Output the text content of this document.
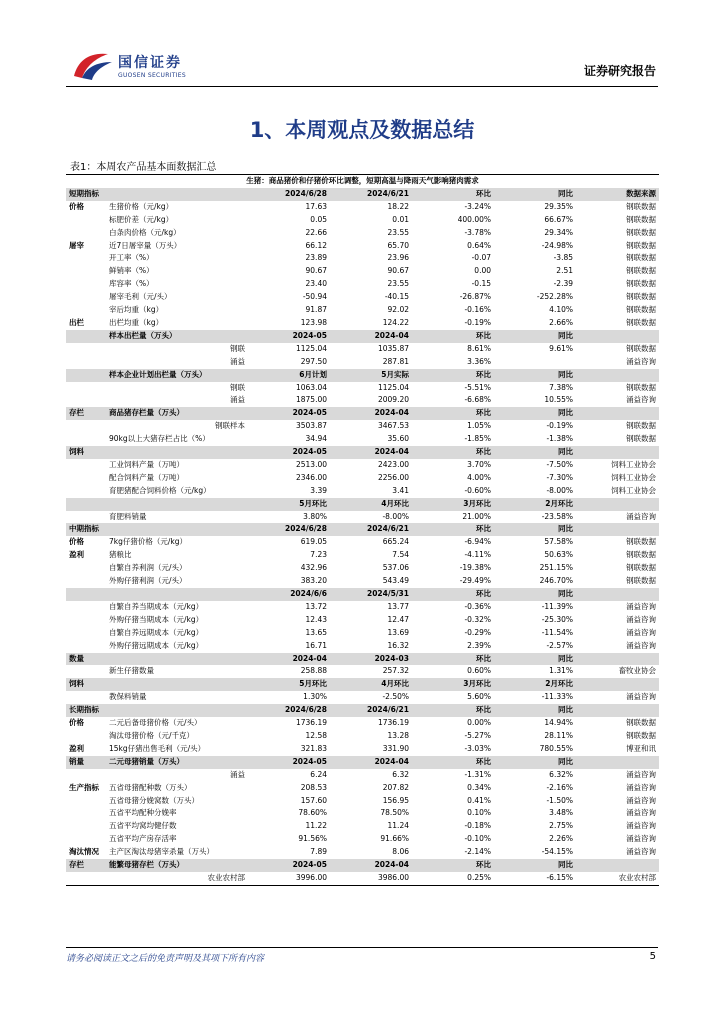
国信证券
GUOSEN SECURITIES	证券研究报告
1、本周观点及数据总结
表1：本周农产品基本面数据汇总
生猪：商品猪价和仔猪价环比调整，短期高温与降雨天气影响猪肉需求						
短期指标		2024/6/28	2024/6/21	环比	同比	数据来源
价格	生猪价格（元/kg）	17.63	18.22	-3.24%	29.35%	钢联数据
	标肥价差（元/kg）	0.05	0.01	400.00%	66.67%	钢联数据
	白条肉价格（元/kg）	22.66	23.55	-3.78%	29.34%	钢联数据
屠宰	近7日屠宰量（万头）	66.12	65.70	0.64%	-24.98%	钢联数据
	开工率（%）	23.89	23.96	-0.07	-3.85	钢联数据
	鲜销率（%）	90.67	90.67	0.00	2.51	钢联数据
	库容率（%）	23.40	23.55	-0.15	-2.39	钢联数据
	屠宰毛利（元/头）	-50.94	-40.15	-26.87%	-252.28%	钢联数据
	宰后均重（kg）	91.87	92.02	-0.16%	4.10%	钢联数据
出栏	出栏均重（kg）	123.98	124.22	-0.19%	2.66%	钢联数据
	样本出栏量（万头）	2024-05	2024-04	环比	同比	
	钢联	1125.04	1035.87	8.61%	9.61%	钢联数据
	涌益	297.50	287.81	3.36%		涌益咨询
	样本企业计划出栏量（万头）	6月计划	5月实际	环比	同比	
	钢联	1063.04	1125.04	-5.51%	7.38%	钢联数据
	涌益	1875.00	2009.20	-6.68%	10.55%	涌益咨询
存栏	商品猪存栏量（万头）	2024-05	2024-04	环比	同比	
	钢联样本	3503.87	3467.53	1.05%	-0.19%	钢联数据
	90kg以上大猪存栏占比（%）	34.94	35.60	-1.85%	-1.38%	钢联数据
饲料		2024-05	2024-04	环比	同比	
	工业饲料产量（万吨）	2513.00	2423.00	3.70%	-7.50%	饲料工业协会
	配合饲料产量（万吨）	2346.00	2256.00	4.00%	-7.30%	饲料工业协会
	育肥猪配合饲料价格（元/kg）	3.39	3.41	-0.60%	-8.00%	饲料工业协会
		5月环比	4月环比	3月环比	2月环比	
	育肥料销量	3.80%	-8.00%	21.00%	-23.58%	涌益咨询
中期指标		2024/6/28	2024/6/21	环比	同比	
价格	7kg仔猪价格（元/kg）	619.05	665.24	-6.94%	57.58%	钢联数据
盈利	猪粮比	7.23	7.54	-4.11%	50.63%	钢联数据
	自繁自养利润（元/头）	432.96	537.06	-19.38%	251.15%	钢联数据
	外购仔猪利润（元/头）	383.20	543.49	-29.49%	246.70%	钢联数据
		2024/6/6	2024/5/31	环比	同比	
	自繁自养当期成本（元/kg）	13.72	13.77	-0.36%	-11.39%	涌益咨询
	外购仔猪当期成本（元/kg）	12.43	12.47	-0.32%	-25.30%	涌益咨询
	自繁自养远期成本（元/kg）	13.65	13.69	-0.29%	-11.54%	涌益咨询
	外购仔猪远期成本（元/kg）	16.71	16.32	2.39%	-2.57%	涌益咨询
数量		2024-04	2024-03	环比	同比	
	新生仔猪数量	258.88	257.32	0.60%	1.31%	畜牧业协会
饲料		5月环比	4月环比	3月环比	2月环比	
	教保料销量	1.30%	-2.50%	5.60%	-11.33%	涌益咨询
长期指标		2024/6/28	2024/6/21	环比	同比	
价格	二元后备母猪价格（元/头）	1736.19	1736.19	0.00%	14.94%	钢联数据
	淘汰母猪价格（元/千克）	12.58	13.28	-5.27%	28.11%	钢联数据
盈利	15kg仔猪出售毛利（元/头）	321.83	331.90	-3.03%	780.55%	博亚和讯
销量	二元母猪销量（万头）	2024-05	2024-04	环比	同比	
	涌益	6.24	6.32	-1.31%	6.32%	涌益咨询
生产指标	五省母猪配种数（万头）	208.53	207.82	0.34%	-2.16%	涌益咨询
	五省母猪分娩窝数（万头）	157.60	156.95	0.41%	-1.50%	涌益咨询
	五省平均配种分娩率	78.60%	78.50%	0.10%	3.48%	涌益咨询
	五省平均窝均健仔数	11.22	11.24	-0.18%	2.75%	涌益咨询
	五省平均产房存活率	91.56%	91.66%	-0.10%	2.26%	涌益咨询
淘汰情况	主产区淘汰母猪宰杀量（万头）	7.89	8.06	-2.14%	-54.15%	涌益咨询
存栏	能繁母猪存栏（万头）	2024-05	2024-04	环比	同比	
	农业农村部	3996.00	3986.00	0.25%	-6.15%	农业农村部
请务必阅读正文之后的免责声明及其项下所有内容	5
